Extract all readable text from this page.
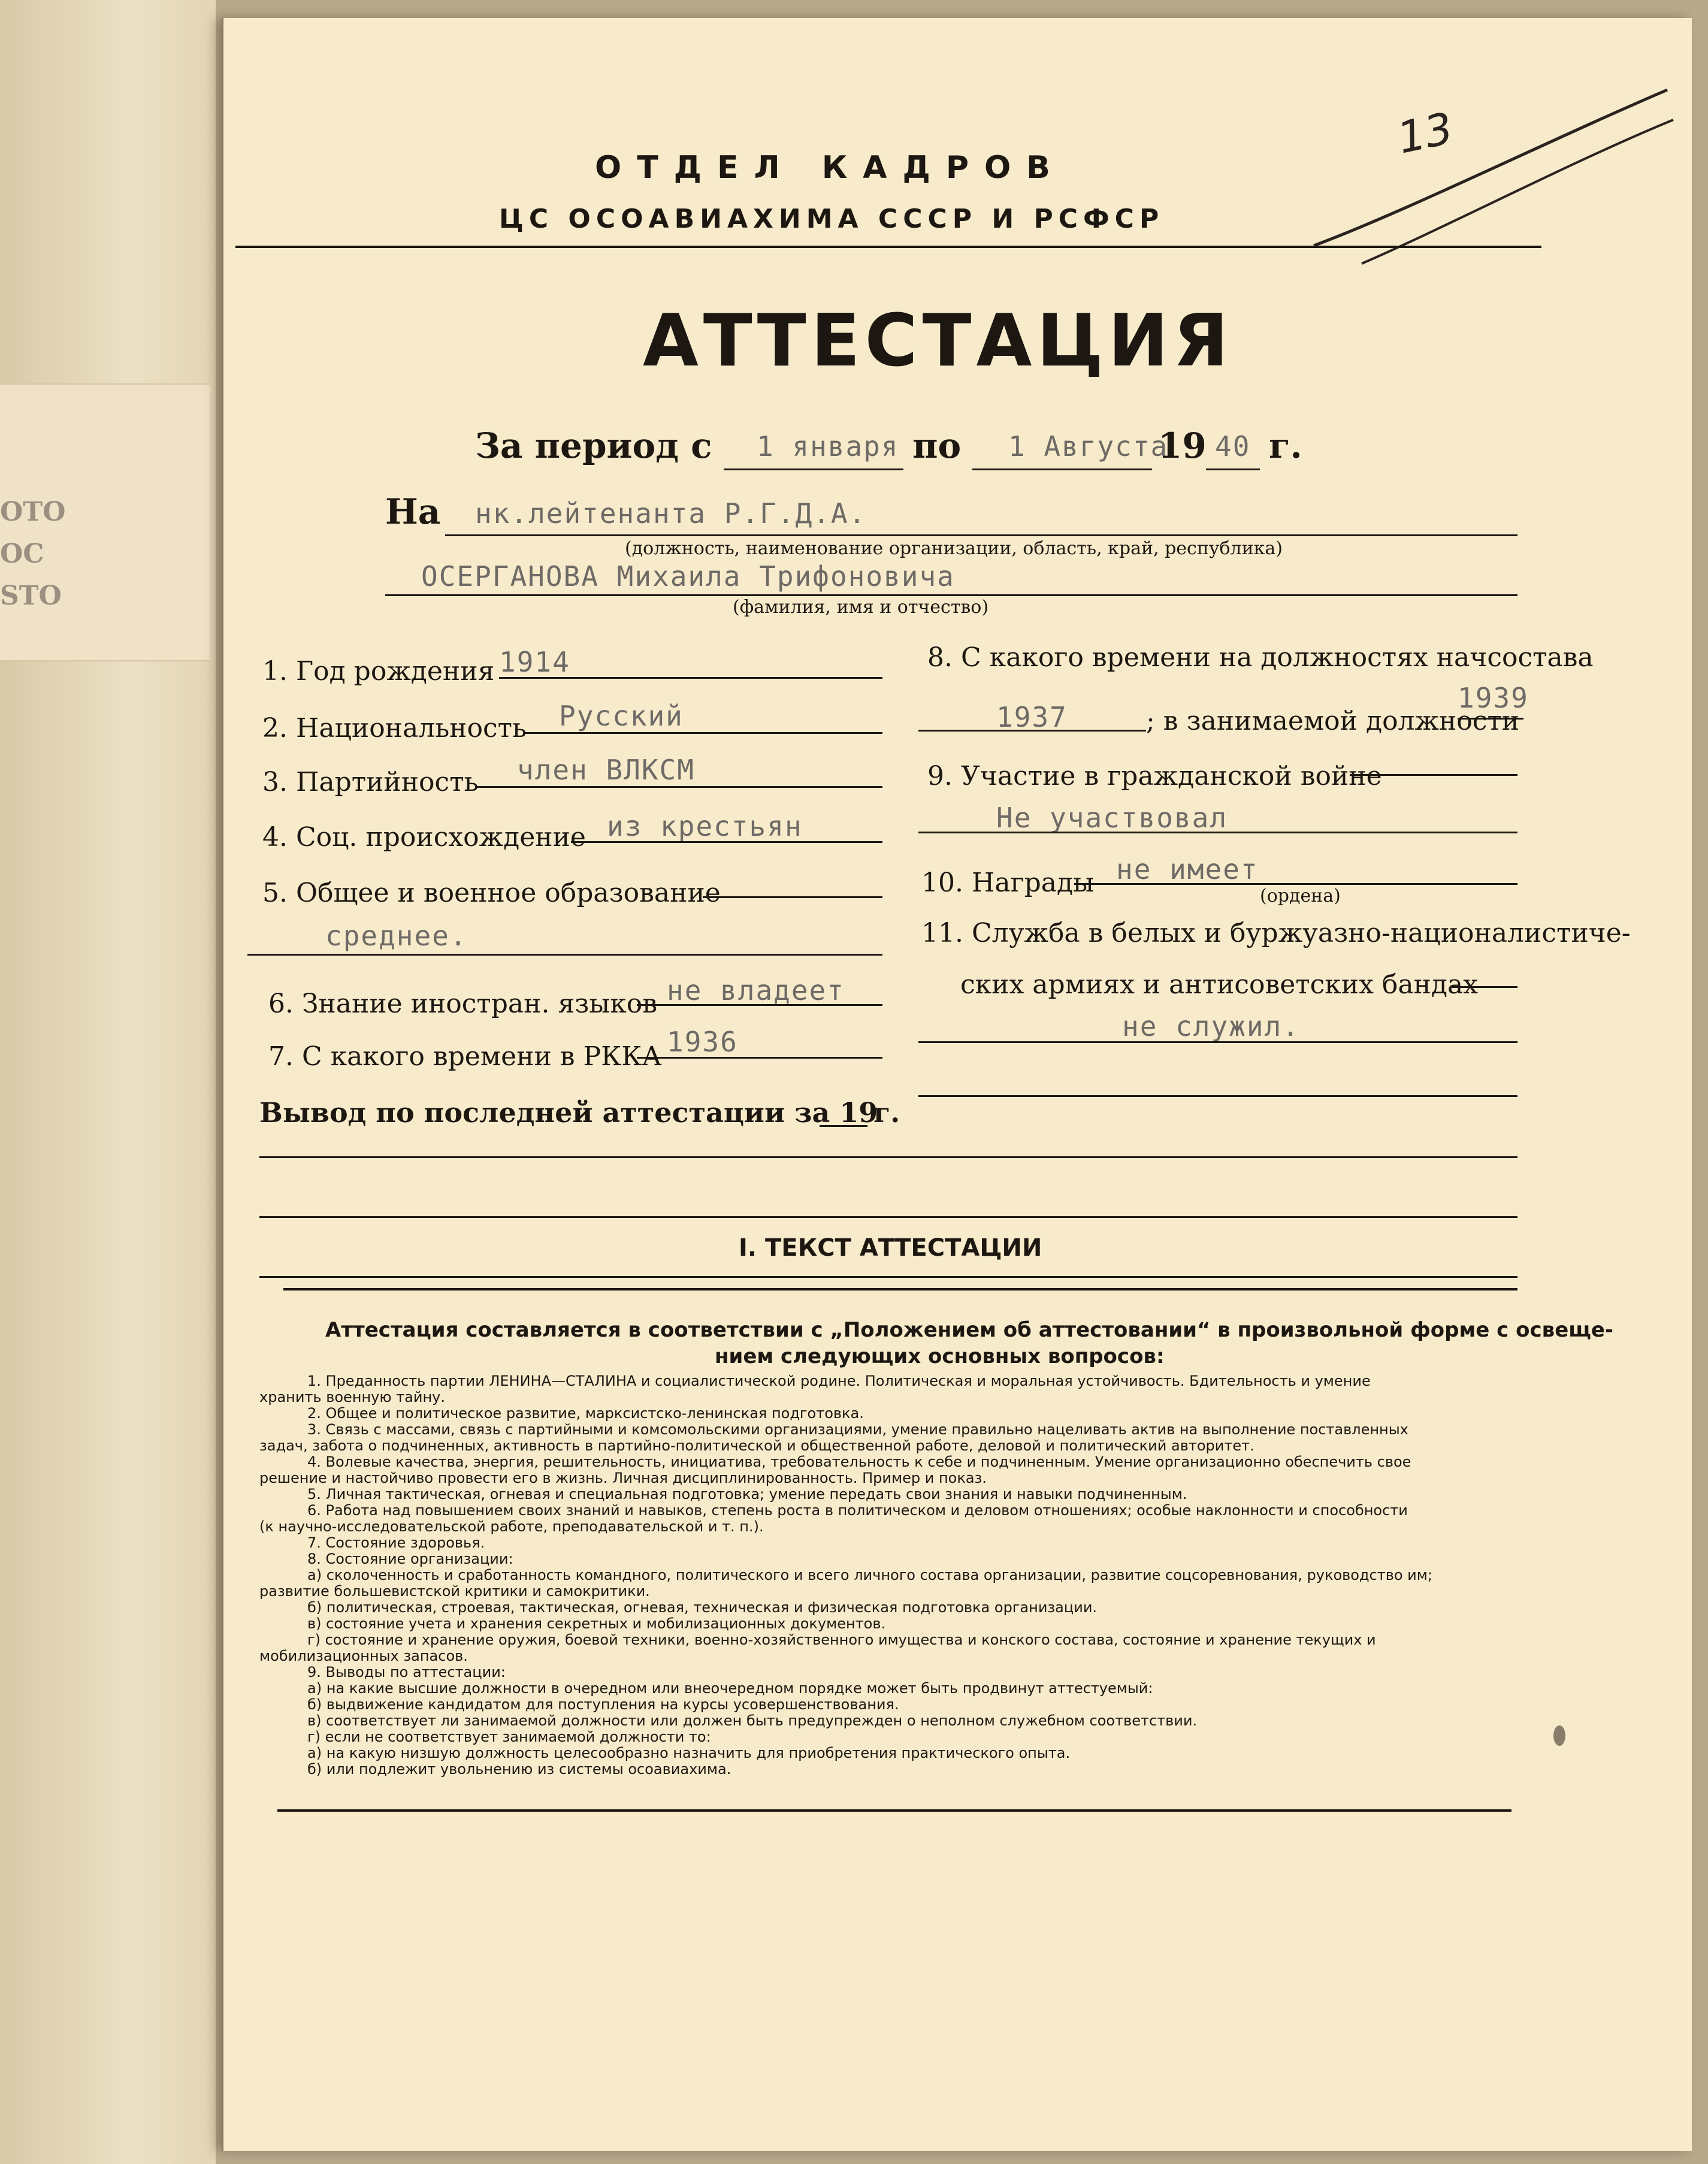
OTO
OC
STO
13
ОТДЕЛ КАДРОВ
ЦС ОСОАВИАХИМА СССР И РСФСР
АТТЕСТАЦИЯ
За период с 1 января по 1 Августа
19 40 г.
На нк.лейтенанта Р.Г.Д.А.
(должность, наименование организации, область, край, республика)
ОСЕРГАНОВА Михаила Трифоновича
(фамилия, имя и отчество)
1. Год рождения 1914
2. Национальность Русский
3. Партийность член ВЛКСМ
4. Соц. происхождение из крестьян
5. Общее и военное образование
среднее.
6. Знание иностран. языков не владеет
7. С какого времени в РККА 1936
8. С какого времени на должностях начсостава
1937	; в занимаемой должности
1939
9. Участие в гражданской войне
Не участвовал
10. Награды не имеет
(ордена)
11. Служба в белых и буржуазно-националистиче-
ских армиях и антисоветских бандах
не служил.
Вывод по последней аттестации за 19
г.
I. ТЕКСТ АТТЕСТАЦИИ
Аттестация составляется в соответствии с „Положением об аттестовании“ в произвольной форме с освеще-
нием следующих основных вопросов:
1. Преданность партии ЛЕНИНА—СТАЛИНА и социалистической родине. Политическая и моральная устойчивость. Бдительность и умение
хранить военную тайну.
2. Общее и политическое развитие, марксистско-ленинская подготовка.
3. Связь с массами, связь с партийными и комсомольскими организациями, умение правильно нацеливать актив на выполнение поставленных
задач, забота о подчиненных, активность в партийно-политической и общественной работе, деловой и политический авторитет.
4. Волевые качества, энергия, решительность, инициатива, требовательность к себе и подчиненным. Умение организационно обеспечить свое
решение и настойчиво провести его в жизнь. Личная дисциплинированность. Пример и показ.
5. Личная тактическая, огневая и специальная подготовка; умение передать свои знания и навыки подчиненным.
6. Работа над повышением своих знаний и навыков, степень роста в политическом и деловом отношениях; особые наклонности и способности
(к научно-исследовательской работе, преподавательской и т. п.).
7. Состояние здоровья.
8. Состояние организации:
а) сколоченность и сработанность командного, политического и всего личного состава организации, развитие соцсоревнования, руководство им;
развитие большевистской критики и самокритики.
б) политическая, строевая, тактическая, огневая, техническая и физическая подготовка организации.
в) состояние учета и хранения секретных и мобилизационных документов.
г) состояние и хранение оружия, боевой техники, военно-хозяйственного имущества и конского состава, состояние и хранение текущих и
мобилизационных запасов.
9. Выводы по аттестации:
а) на какие высшие должности в очередном или внеочередном порядке может быть продвинут аттестуемый:
б) выдвижение кандидатом для поступления на курсы усовершенствования.
в) соответствует ли занимаемой должности или должен быть предупрежден о неполном служебном соответствии.
г) если не соответствует занимаемой должности то:
а) на какую низшую должность целесообразно назначить для приобретения практического опыта.
б) или подлежит увольнению из системы осоавиахима.
